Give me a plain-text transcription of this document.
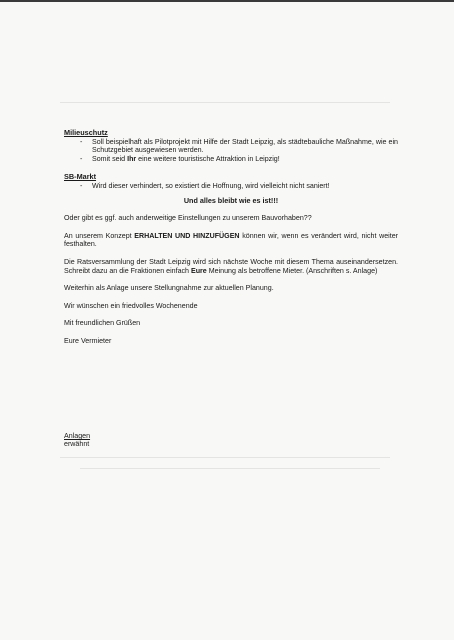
Milieuschutz
- Soll beispielhaft als Pilotprojekt mit Hilfe der Stadt Leipzig, als städtebauliche Maßnahme, wie ein Schutzgebiet ausgewiesen werden.
- Somit seid Ihr eine weitere touristische Attraktion in Leipzig!
SB-Markt
- Wird dieser verhindert, so existiert die Hoffnung, wird vielleicht nicht saniert!
Und alles bleibt wie es ist!!!

Oder gibt es ggf. auch anderweitige Einstellungen zu unserem Bauvorhaben??

An unserem Konzept ERHALTEN UND HINZUFÜGEN können wir, wenn es verändert wird, nicht weiter festhalten.

Die Ratsversammlung der Stadt Leipzig wird sich nächste Woche mit diesem Thema auseinandersetzen. Schreibt dazu an die Fraktionen einfach Eure Meinung als betroffene Mieter. (Anschriften s. Anlage)

Weiterhin als Anlage unsere Stellungnahme zur aktuellen Planung.

Wir wünschen ein friedvolles Wochenende

Mit freundlichen Grüßen

Eure Vermieter

Anlagen
erwähnt
